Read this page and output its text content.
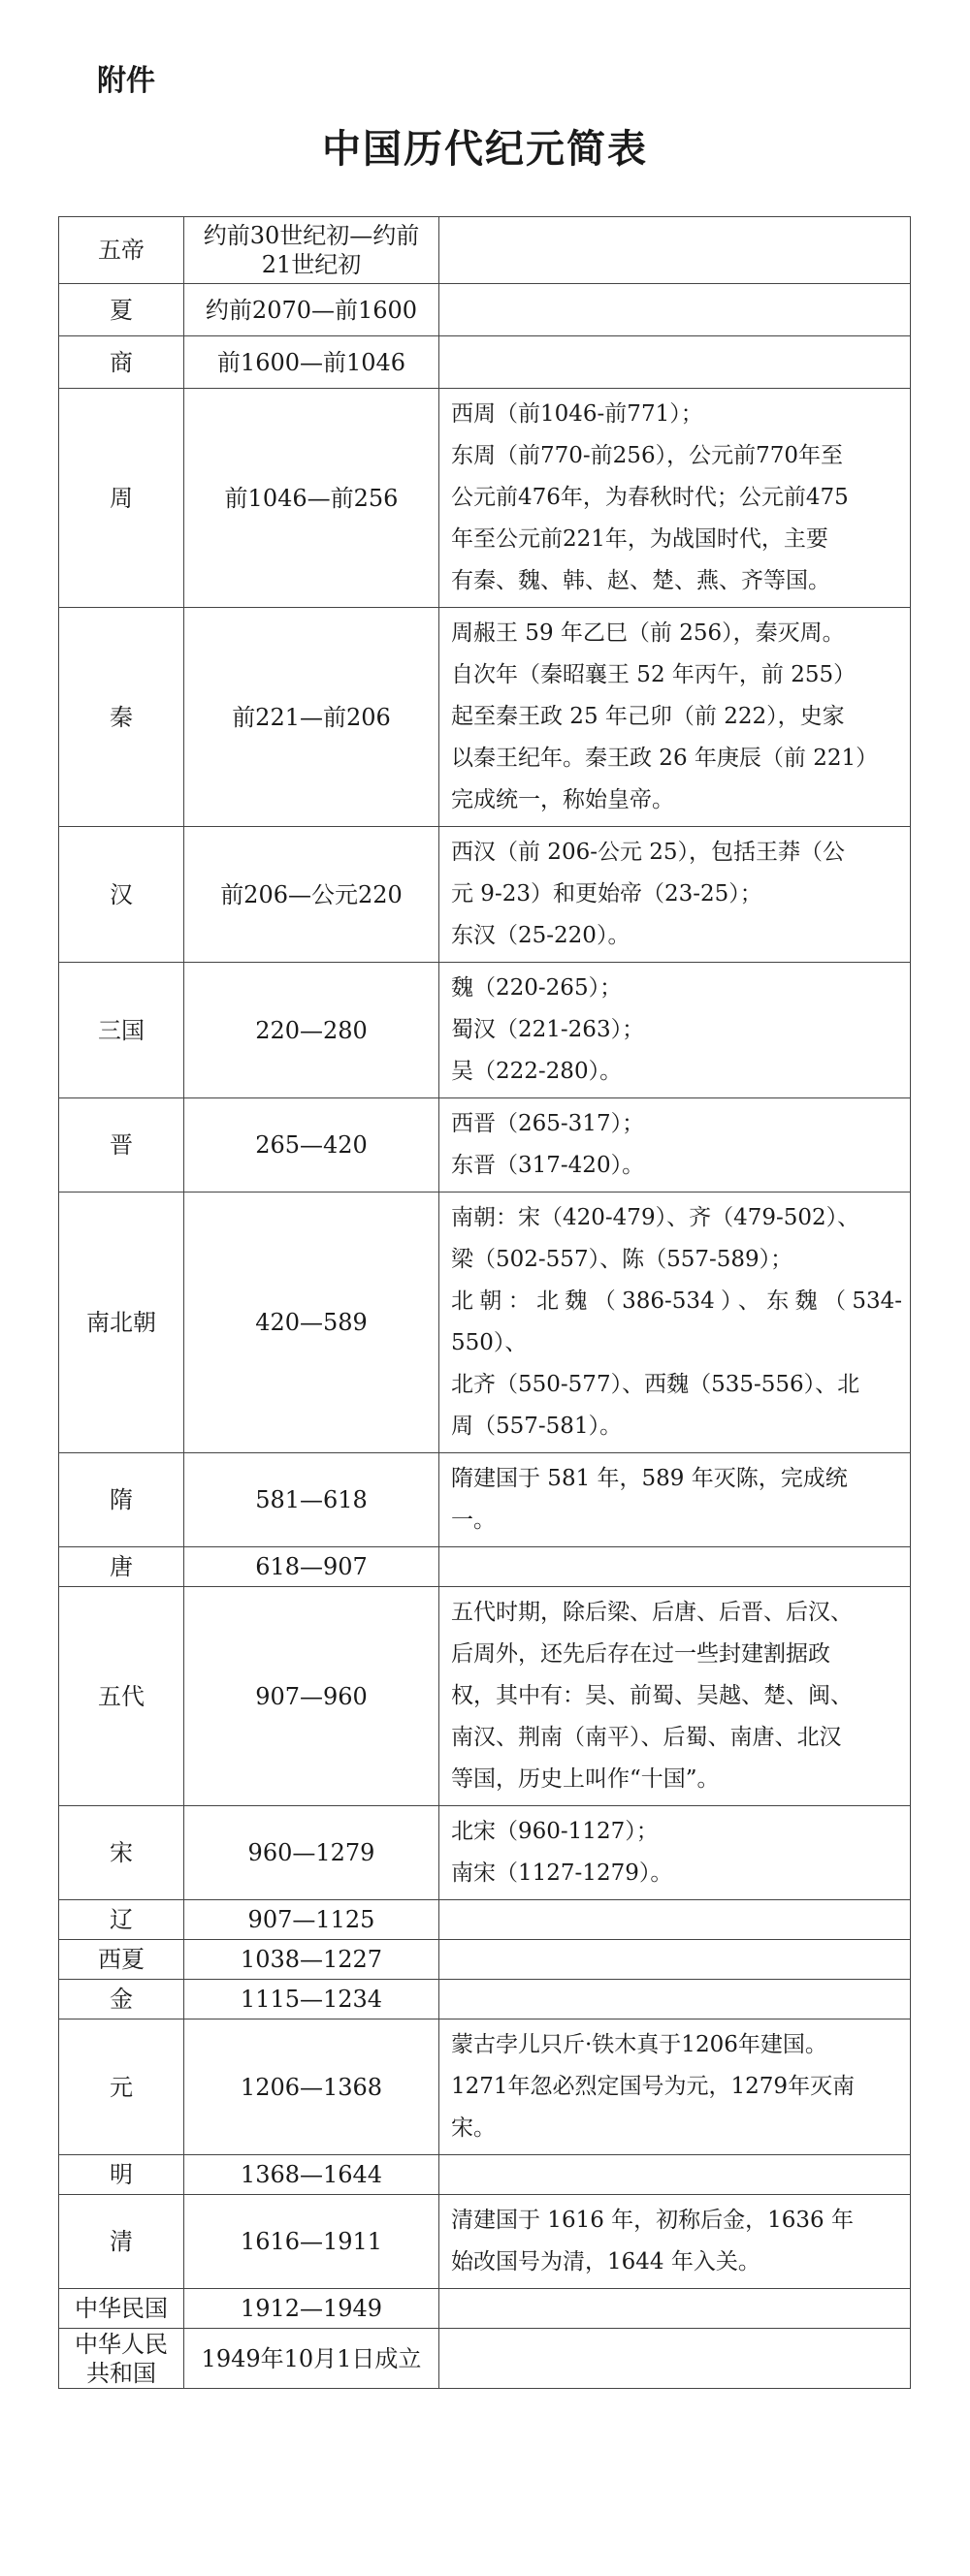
附件
中国历代纪元简表
五帝	约前30世纪初—约前
21世纪初	

夏	约前2070—前1600	

商	前1600—前1046	

周	前1046—前256	西周（前1046-前771）；
东周（前770-前256），公元前770年至
公元前476年，为春秋时代；公元前475
年至公元前221年，为战国时代，主要
有秦、魏、韩、赵、楚、燕、齐等国。

秦	前221—前206	周赧王 59 年乙巳（前 256），秦灭周。
自次年（秦昭襄王 52 年丙午，前 255）
起至秦王政 25 年己卯（前 222），史家
以秦王纪年。秦王政 26 年庚辰（前 221）
完成统一，称始皇帝。

汉	前206—公元220	西汉（前 206-公元 25），包括王莽（公
元 9-23）和更始帝（23-25）；
东汉（25-220）。

三国	220—280	魏（220-265）；
蜀汉（221-263）；
吴（222-280）。

晋	265—420	西晋（265-317）；
东晋（317-420）。

南北朝	420—589	南朝：宋（420-479）、齐（479-502）、
梁（502-557）、陈（557-589）；
北朝：北魏（386-534）、东魏（534-550）、
北齐（550-577）、西魏（535-556）、北
周（557-581）。

隋	581—618	隋建国于 581 年，589 年灭陈，完成统
一。

唐	618—907	

五代	907—960	五代时期，除后梁、后唐、后晋、后汉、
后周外，还先后存在过一些封建割据政
权，其中有：吴、前蜀、吴越、楚、闽、
南汉、荆南（南平）、后蜀、南唐、北汉
等国，历史上叫作“十国”。

宋	960—1279	北宋（960-1127）；
南宋（1127-1279）。

辽	907—1125	

西夏	1038—1227	

金	1115—1234	

元	1206—1368	蒙古孛儿只斤·铁木真于1206年建国。
1271年忽必烈定国号为元，1279年灭南
宋。

明	1368—1644	

清	1616—1911	清建国于 1616 年，初称后金，1636 年
始改国号为清，1644 年入关。

中华民国	1912—1949	

中华人民
共和国	1949年10月1日成立	
